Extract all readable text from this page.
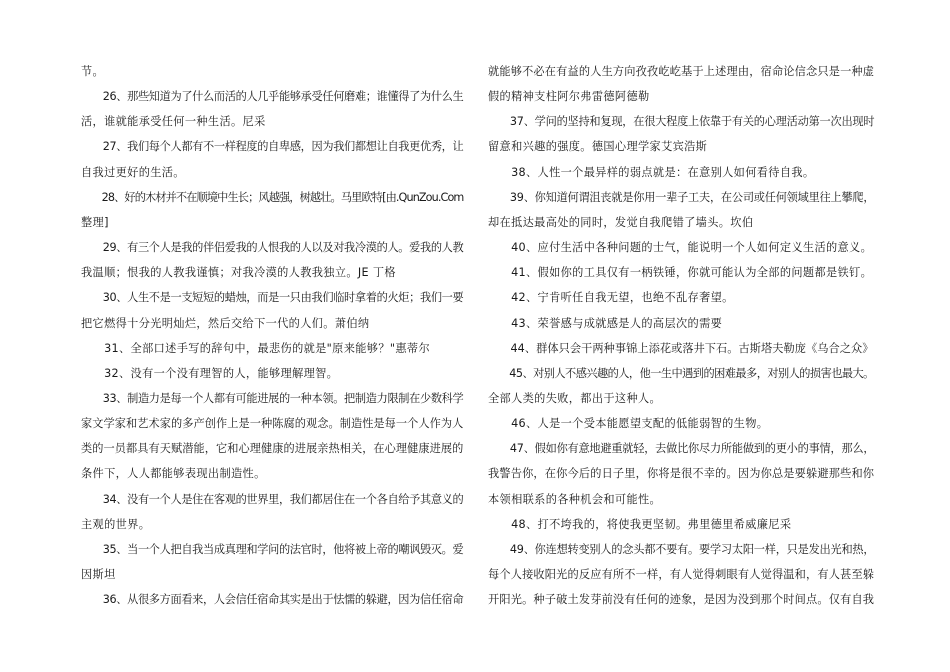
节。
　　26、那些知道为了什么而活的人几乎能够承受任何磨难；谁懂得了为什么生
活，谁就能承受任何一种生活。尼采
　　27、我们每个人都有不一样程度的自卑感，因为我们都想让自我更优秀，让
自我过更好的生活。
　　28、好的木材并不在顺境中生长；风越强，树越壮。马里欧特[由.QunZou.Com
整理]
　　29、有三个人是我的伴侣爱我的人恨我的人以及对我冷漠的人。爱我的人教
我温顺；恨我的人教我谨慎；对我冷漠的人教我独立。JE 丁格
　　30、人生不是一支短短的蜡烛，而是一只由我们临时拿着的火炬；我们一要
把它燃得十分光明灿烂，然后交给下一代的人们。萧伯纳
　　31、全部口述手写的辞句中，最悲伤的就是"原来能够？"惠蒂尔
　　32、没有一个没有理智的人，能够理解理智。
　　33、制造力是每一个人都有可能进展的一种本领。把制造力限制在少数科学
家文学家和艺术家的多产创作上是一种陈腐的观念。制造性是每一个人作为人
类的一员都具有天赋潜能，它和心理健康的进展亲热相关，在心理健康进展的
条件下，人人都能够表现出制造性。
　　34、没有一个人是住在客观的世界里，我们都居住在一个各自给予其意义的
主观的世界。
　　35、当一个人把自我当成真理和学问的法官时，他将被上帝的嘲讽毁灭。爱
因斯坦
　　36、从很多方面看来，人会信任宿命其实是出于怯懦的躲避，因为信任宿命
就能够不必在有益的人生方向孜孜屹屹基于上述理由，宿命论信念只是一种虚
假的精神支柱阿尔弗雷德阿德勒
　　37、学问的坚持和复现，在很大程度上依靠于有关的心理活动第一次出现时
留意和兴趣的强度。德国心理学家艾宾浩斯
　　38、人性一个最异样的弱点就是：在意别人如何看待自我。
　　39、你知道何谓沮丧就是你用一辈子工夫，在公司或任何领域里往上攀爬，
却在抵达最高处的同时，发觉自我爬错了墙头。坎伯
　　40、应付生活中各种问题的士气，能说明一个人如何定义生活的意义。
　　41、假如你的工具仅有一柄铁锤，你就可能认为全部的问题都是铁钉。
　　42、宁肯听任自我无望，也绝不乱存奢望。
　　43、荣誉感与成就感是人的高层次的需要
　　44、群体只会干两种事锦上添花或落井下石。古斯塔夫勒庞《乌合之众》
　　45、对别人不感兴趣的人，他一生中遇到的困难最多，对别人的损害也最大。
全部人类的失败，都出于这种人。
　　46、人是一个受本能愿望支配的低能弱智的生物。
　　47、假如你有意地避重就轻，去做比你尽力所能做到的更小的事情，那么，
我警告你，在你今后的日子里，你将是很不幸的。因为你总是要躲避那些和你
本领相联系的各种机会和可能性。
　　48、打不垮我的，将使我更坚韧。弗里德里希威廉尼采
　　49、你连想转变别人的念头都不要有。要学习太阳一样，只是发出光和热，
每个人接收阳光的反应有所不一样，有人觉得刺眼有人觉得温和，有人甚至躲
开阳光。种子破土发芽前没有任何的迹象，是因为没到那个时间点。仅有自我
